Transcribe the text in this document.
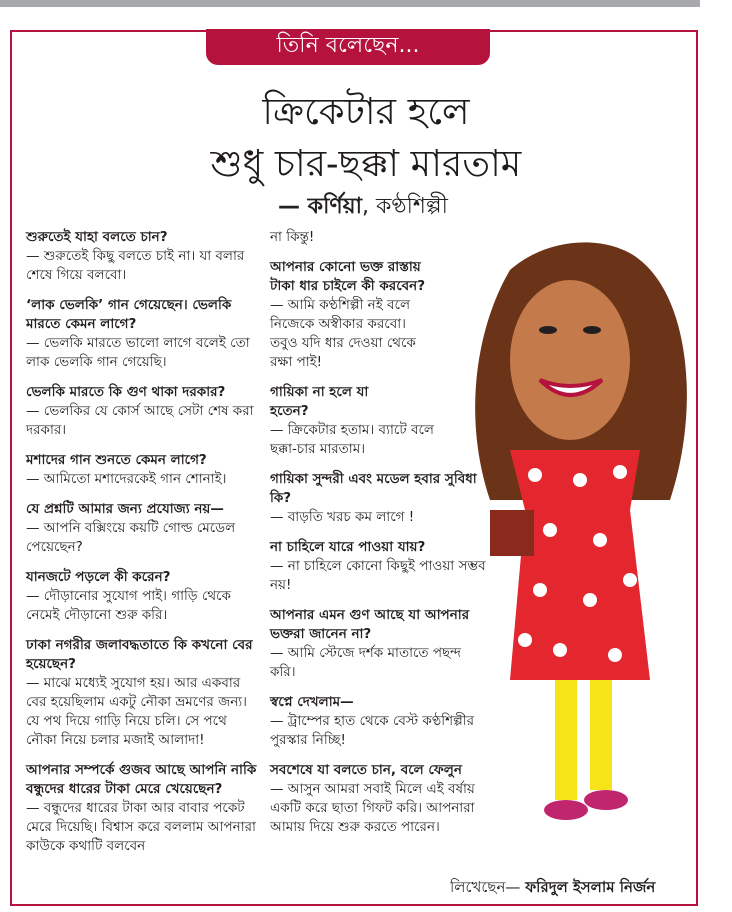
তিনি বলেছেন...
ক্রিকেটার হলে
শুধু চার-ছক্কা মারতাম
— কর্ণিয়া, কণ্ঠশিল্পী
শুরুতেই যাহা বলতে চান?
— শুরুতেই কিছু বলতে চাই না। যা বলার শেষে গিয়ে বলবো।
‘লাক ভেলকি’ গান গেয়েছেন। ভেলকি মারতে কেমন লাগে?
— ভেলকি মারতে ভালো লাগে বলেই তো লাক ভেলকি গান গেয়েছি।
ভেলকি মারতে কি গুণ থাকা দরকার?
— ভেলকির যে কোর্স আছে সেটা শেষ করা দরকার।
মশাদের গান শুনতে কেমন লাগে?
— আমিতো মশাদেরকেই গান শোনাই।
যে প্রশ্নটি আমার জন্য প্রযোজ্য নয়—
— আপনি বক্সিংয়ে কয়টি গোল্ড মেডেল পেয়েছেন?
যানজটে পড়লে কী করেন?
— দৌড়ানোর সুযোগ পাই। গাড়ি থেকে নেমেই দৌড়ানো শুরু করি।
ঢাকা নগরীর জলাবদ্ধতাতে কি কখনো বের হয়েছেন?
— মাঝে মধ্যেই সুযোগ হয়। আর একবার বের হয়েছিলাম একটু নৌকা ভ্রমণের জন্য। যে পথ দিয়ে গাড়ি নিয়ে চলি। সে পথে নৌকা নিয়ে চলার মজাই আলাদা!
আপনার সম্পর্কে গুজব আছে আপনি নাকি বন্ধুদের ধারের টাকা মেরে খেয়েছেন?
— বন্ধুদের ধারের টাকা আর বাবার পকেট মেরে দিয়েছি। বিশ্বাস করে বললাম আপনারা কাউকে কথাটি বলবেন
না কিন্তু!
আপনার কোনো ভক্ত রাস্তায় টাকা ধার চাইলে কী করবেন?
— আমি কণ্ঠশিল্পী নই বলে নিজেকে অস্বীকার করবো। তবুও যদি ধার দেওয়া থেকে রক্ষা পাই!
গায়িকা না হলে যা হতেন?
— ক্রিকেটার হতাম। ব্যাটে বলে ছক্কা-চার মারতাম।
গায়িকা সুন্দরী এবং মডেল হবার সুবিধা কি?
— বাড়তি খরচ কম লাগে !
না চাহিলে যারে পাওয়া যায়?
— না চাহিলে কোনো কিছুই পাওয়া সম্ভব নয়!
আপনার এমন গুণ আছে যা আপনার ভক্তরা জানেন না?
— আমি স্টেজে দর্শক মাতাতে পছন্দ করি।
স্বপ্নে দেখলাম—
— ট্রাম্পের হাত থেকে বেস্ট কণ্ঠশিল্পীর পুরস্কার নিচ্ছি!
সবশেষে যা বলতে চান, বলে ফেলুন
— আসুন আমরা সবাই মিলে এই বর্ষায় একটি করে ছাতা গিফট করি। আপনারা আমায় দিয়ে শুরু করতে পারেন।
লিখেছেন— ফরিদুল ইসলাম নির্জন
